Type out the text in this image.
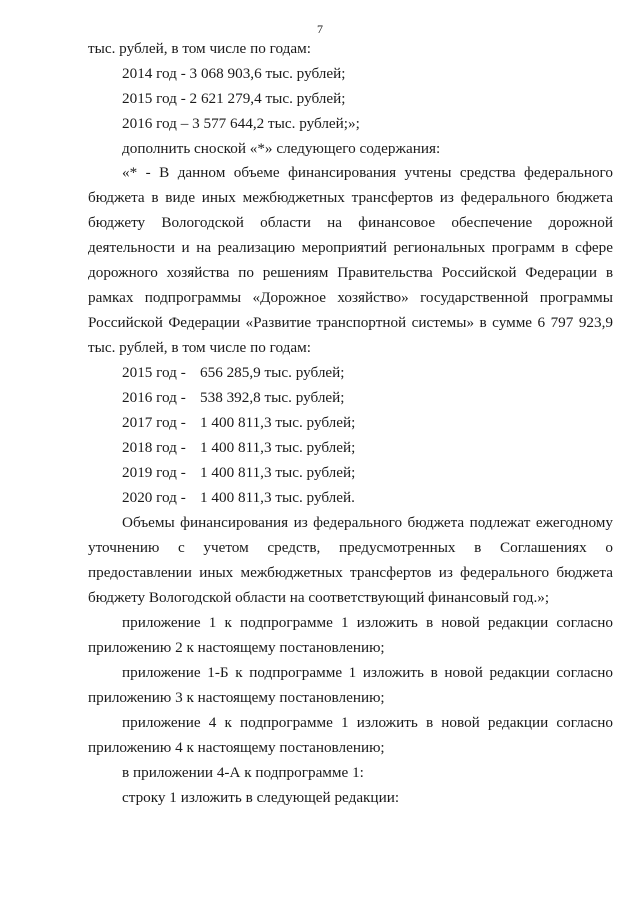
7
тыс. рублей, в том числе по годам:
2014 год - 3 068 903,6 тыс. рублей;
2015 год - 2 621 279,4 тыс. рублей;
2016 год – 3 577 644,2 тыс. рублей;»;
дополнить сноской «*» следующего содержания:
«* - В данном объеме финансирования учтены средства федерального
бюджета в виде иных межбюджетных трансфертов из федерального бюджета
бюджету Вологодской области на финансовое обеспечение дорожной
деятельности и на реализацию мероприятий региональных программ в сфере
дорожного хозяйства по решениям Правительства Российской Федерации в
рамках подпрограммы «Дорожное хозяйство» государственной программы
Российской Федерации «Развитие транспортной системы» в сумме 6 797 923,9
тыс. рублей, в том числе по годам:
2015 год - 656 285,9 тыс. рублей;
2016 год - 538 392,8 тыс. рублей;
2017 год - 1 400 811,3 тыс. рублей;
2018 год - 1 400 811,3 тыс. рублей;
2019 год - 1 400 811,3 тыс. рублей;
2020 год - 1 400 811,3 тыс. рублей.
Объемы финансирования из федерального бюджета подлежат ежегодному
уточнению с учетом средств, предусмотренных в Соглашениях о
предоставлении иных межбюджетных трансфертов из федерального бюджета
бюджету Вологодской области на соответствующий финансовый год.»;
приложение 1 к подпрограмме 1 изложить в новой редакции согласно
приложению 2 к настоящему постановлению;
приложение 1-Б к подпрограмме 1 изложить в новой редакции согласно
приложению 3 к настоящему постановлению;
приложение 4 к подпрограмме 1 изложить в новой редакции согласно
приложению 4 к настоящему постановлению;
в приложении 4-А к подпрограмме 1:
строку 1 изложить в следующей редакции:
